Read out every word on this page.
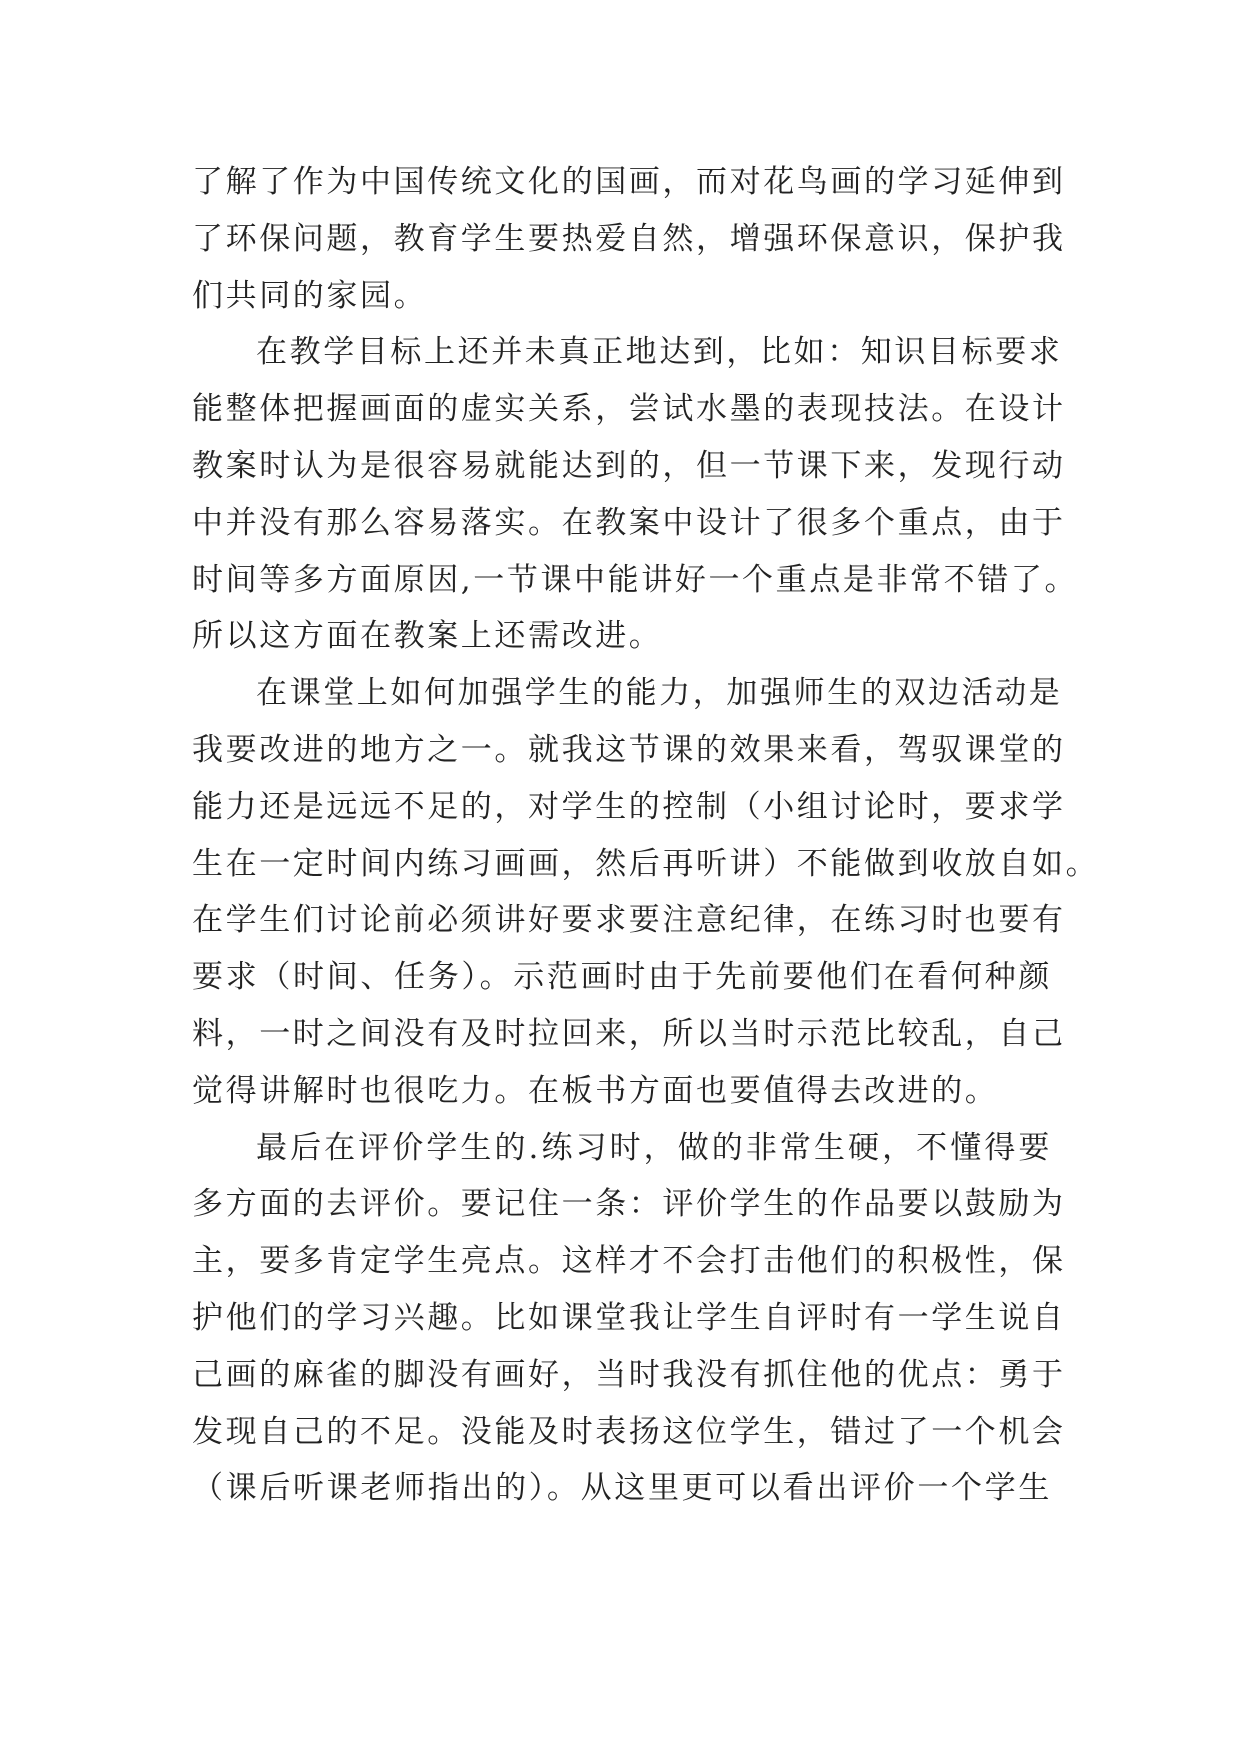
了解了作为中国传统文化的国画，而对花鸟画的学习延伸到

了环保问题，教育学生要热爱自然，增强环保意识，保护我

们共同的家园。

在教学目标上还并未真正地达到，比如：知识目标要求

能整体把握画面的虚实关系，尝试水墨的表现技法。在设计

教案时认为是很容易就能达到的，但一节课下来，发现行动

中并没有那么容易落实。在教案中设计了很多个重点，由于

时间等多方面原因,一节课中能讲好一个重点是非常不错了。

所以这方面在教案上还需改进。

在课堂上如何加强学生的能力，加强师生的双边活动是

我要改进的地方之一。就我这节课的效果来看，驾驭课堂的

能力还是远远不足的，对学生的控制（小组讨论时，要求学

生在一定时间内练习画画，然后再听讲）不能做到收放自如。

在学生们讨论前必须讲好要求要注意纪律，在练习时也要有

要求（时间、任务）。示范画时由于先前要他们在看何种颜

料，一时之间没有及时拉回来，所以当时示范比较乱，自己

觉得讲解时也很吃力。在板书方面也要值得去改进的。

最后在评价学生的.练习时，做的非常生硬，不懂得要

多方面的去评价。要记住一条：评价学生的作品要以鼓励为

主，要多肯定学生亮点。这样才不会打击他们的积极性，保

护他们的学习兴趣。比如课堂我让学生自评时有一学生说自

己画的麻雀的脚没有画好，当时我没有抓住他的优点：勇于

发现自己的不足。没能及时表扬这位学生，错过了一个机会

（课后听课老师指出的）。从这里更可以看出评价一个学生
